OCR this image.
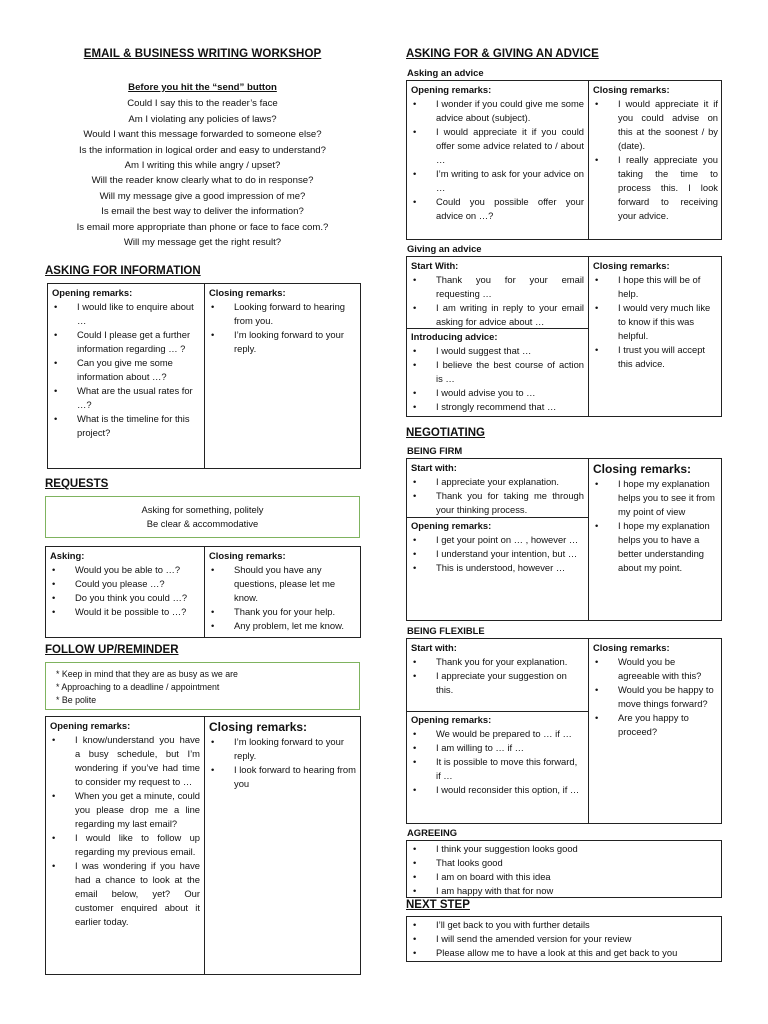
EMAIL & BUSINESS WRITING WORKSHOP
Before you hit the “send” button
Could I say this to the reader’s face
Am I violating any policies of laws?
Would I want this message forwarded to someone else?
Is the information in logical order and easy to understand?
Am I writing this while angry / upset?
Will the reader know clearly what to do in response?
Will my message give a good impression of me?
Is email the best way to deliver the information?
Is email more appropriate than phone or face to face com.?
Will my message get the right result?
ASKING FOR INFORMATION
Opening remarks:
• I would like to enquire about …
• Could I please get a further information regarding … ?
• Can you give me some information about …?
• What are the usual rates for …?
• What is the timeline for this project?
Closing remarks:
• Looking forward to hearing from you.
• I’m looking forward to your reply.
REQUESTS
Asking for something, politely
Be clear & accommodative
Asking:
• Would you be able to …?
• Could you please …?
• Do you think you could …?
• Would it be possible to …?
Closing remarks:
• Should you have any questions, please let me know.
• Thank you for your help.
• Any problem, let me know.
FOLLOW UP/REMINDER
* Keep in mind that they are as busy as we are
* Approaching to a deadline / appointment
* Be polite
Opening remarks:
• I know/understand you have a busy schedule, but I’m wondering if you’ve had time to consider my request to …
• When you get a minute, could you please drop me a line regarding my last email?
• I would like to follow up regarding my previous email.
• I was wondering if you have had a chance to look at the email below, yet? Our customer enquired about it earlier today.
Closing remarks:
• I’m looking forward to your reply.
• I look forward to hearing from you
ASKING FOR & GIVING AN ADVICE
Asking an advice
Opening remarks:
• I wonder if you could give me some advice about (subject).
• I would appreciate it if you could offer some advice related to / about …
• I’m writing to ask for your advice on …
• Could you possible offer your advice on …?
Closing remarks:
• I would appreciate it if you could advise on this at the soonest / by (date).
• I really appreciate you taking the time to process this. I look forward to receiving your advice.
Giving an advice
Start With:
• Thank you for your email requesting …
• I am writing in reply to your email asking for advice about …
Introducing advice:
• I would suggest that …
• I believe the best course of action is …
• I would advise you to …
• I strongly recommend that …
Closing remarks:
• I hope this will be of help.
• I would very much like to know if this was helpful.
• I trust you will accept this advice.
NEGOTIATING
BEING FIRM
Start with:
• I appreciate your explanation.
• Thank you for taking me through your thinking process.
Opening remarks:
• I get your point on … , however …
• I understand your intention, but …
• This is understood, however …
Closing remarks:
• I hope my explanation helps you to see it from my point of view
• I hope my explanation helps you to have a better understanding about my point.
BEING FLEXIBLE
Start with:
• Thank you for your explanation.
• I appreciate your suggestion on this.
Opening remarks:
• We would be prepared to … if …
• I am willing to … if …
• It is possible to move this forward, if …
• I would reconsider this option, if …
Closing remarks:
• Would you be agreeable with this?
• Would you be happy to move things forward?
• Are you happy to proceed?
AGREEING
• I think your suggestion looks good
• That looks good
• I am on board with this idea
• I am happy with that for now
NEXT STEP
• I’ll get back to you with further details
• I will send the amended version for your review
• Please allow me to have a look at this and get back to you
